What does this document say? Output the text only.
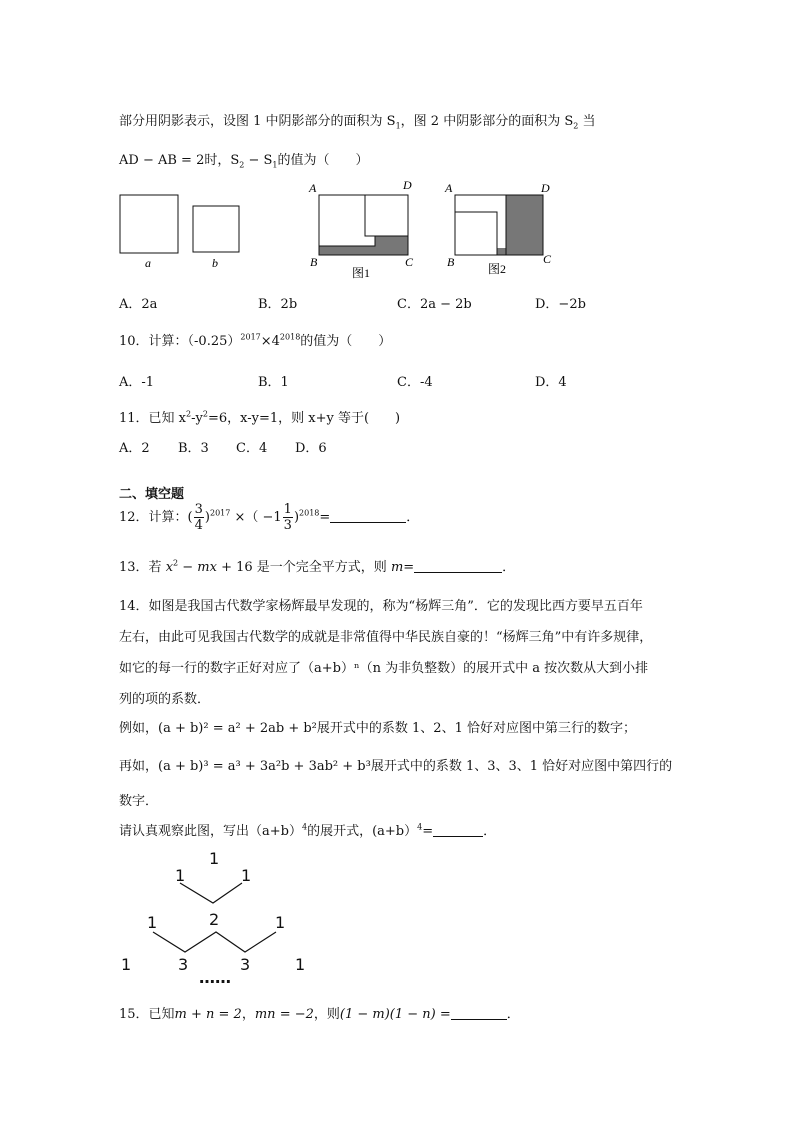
部分用阴影表示，设图 1 中阴影部分的面积为 $S_1$，图 2 中阴影部分的面积为 $S_2$ 当
AD − AB = 2时，$S_2 - S_1$的值为（　　）
a	b
A	D
B	C
图1
A	D
B	C
图2
A．2a	B．2b	C．2a − 2b	D．−2b
10．计算：$(-0.25)^{2017}\times 4^{2018}$的值为（　　）
A．-1	B．1	C．-4	D．4
11．已知 $x^2-y^2=6$，x-y=1，则 x+y 等于(　　)
A．2 B．3 C．4 D．6
二、填空题
12．计算：( $\frac{3}{4} )^{2017}$ ×（ $-1 \frac{1}{3} )^{2018}=$	．
13．若 $x^2$ − mx + 16 是一个完全平方式，则 m=	．
14．如图是我国古代数学家杨辉最早发现的，称为“杨辉三角”．它的发现比西方要早五百年
左右，由此可见我国古代数学的成就是非常值得中华民族自豪的！“杨辉三角”中有许多规律，
如它的每一行的数字正好对应了（a+b）ⁿ（n 为非负整数）的展开式中 a 按次数从大到小排
列的项的系数．
例如，(a + b)² = a² + 2ab + b²展开式中的系数 1、2、1 恰好对应图中第三行的数字；
再如，(a + b)³ = a³ + 3a²b + 3ab² + b³展开式中的系数 1、3、3、1 恰好对应图中第四行的
数字．
请认真观察此图，写出$(a+b)^4$的展开式，(a+b）$^4$=	．
1
1	1
1	2	1
1	3	3	1
……
15．已知m + n = 2，mn = −2，则(1 − m)(1 − n) =	．
